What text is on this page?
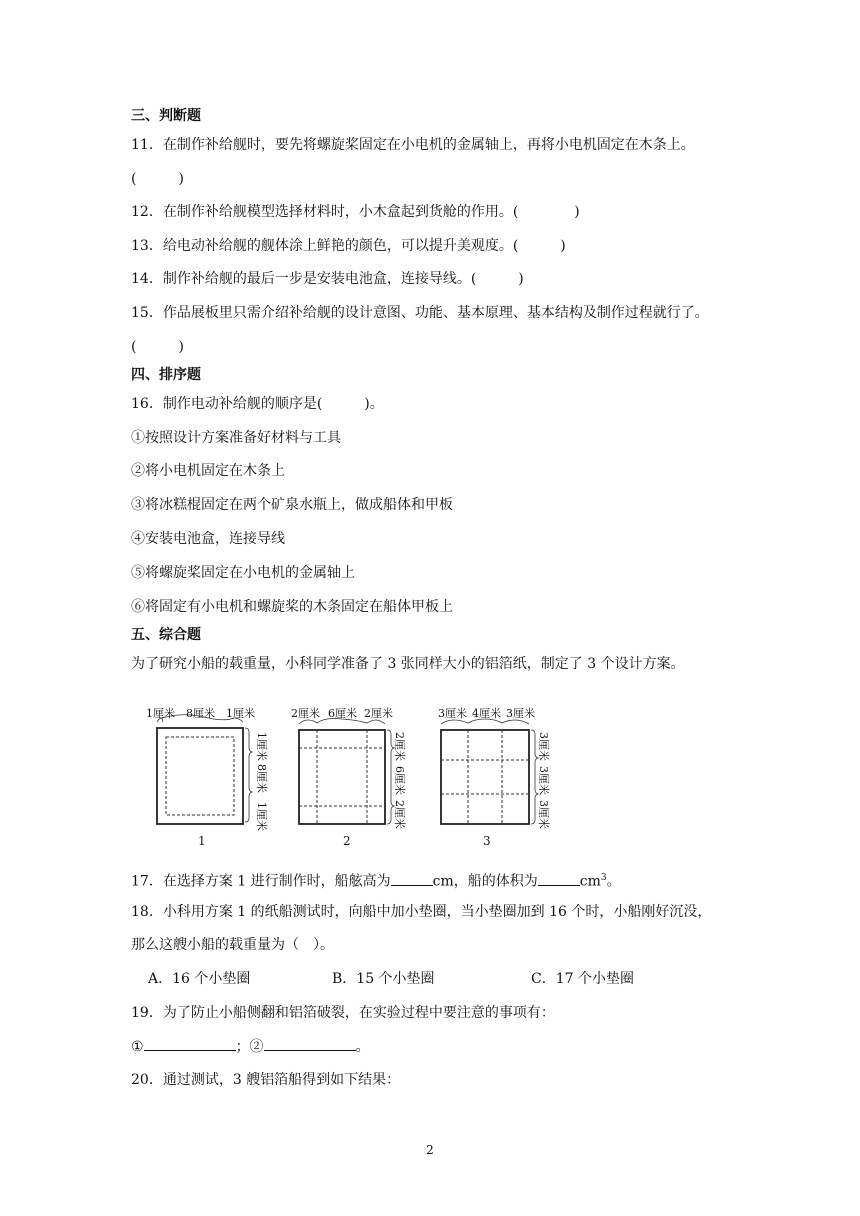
三、判断题
11．在制作补给舰时，要先将螺旋桨固定在小电机的金属轴上，再将小电机固定在木条上。
(　　　)
12．在制作补给舰模型选择材料时，小木盒起到货舱的作用。(　　　　)
13．给电动补给舰的舰体涂上鲜艳的颜色，可以提升美观度。(　　　)
14．制作补给舰的最后一步是安装电池盒，连接导线。(　　　)
15．作品展板里只需介绍补给舰的设计意图、功能、基本原理、基本结构及制作过程就行了。
(　　　)
四、排序题
16．制作电动补给舰的顺序是(　　　)。
①按照设计方案准备好材料与工具
②将小电机固定在木条上
③将冰糕棍固定在两个矿泉水瓶上，做成船体和甲板
④安装电池盒，连接导线
⑤将螺旋桨固定在小电机的金属轴上
⑥将固定有小电机和螺旋桨的木条固定在船体甲板上
五、综合题
为了研究小船的载重量，小科同学准备了 3 张同样大小的铝箔纸，制定了 3 个设计方案。
1厘米 8厘米 1厘米
1厘米
8厘米
1厘米
1
2厘米 6厘米 2厘米
2厘米
6厘米
2厘米
2
3厘米 4厘米 3厘米
3厘米
3厘米
3厘米
3
17．在选择方案 1 进行制作时，船舷高为	cm，船的体积为	$cm^3$。
18．小科用方案 1 的纸船测试时，向船中加小垫圈，当小垫圈加到 16 个时，小船刚好沉没，
那么这艘小船的载重量为（　）。
A．16 个小垫圈	B．15 个小垫圈	C．17 个小垫圈
19．为了防止小船侧翻和铝箔破裂，在实验过程中要注意的事项有：
①	；②	。
20．通过测试，3 艘铝箔船得到如下结果：
2
